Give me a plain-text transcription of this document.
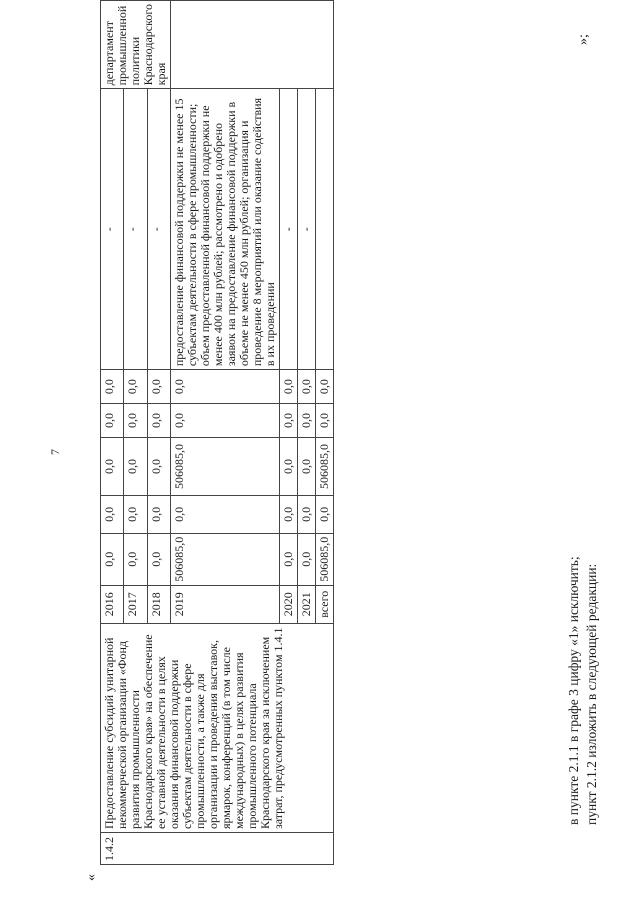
7
«
1.4.2	Предоставление субсидий унитарной некоммерческой организации «Фонд развития промышленности Краснодарского края» на обеспечение ее уставной деятельности в целях оказания финансовой поддержки субъектам деятельности в сфере промышленности, а также для организации и проведения выставок, ярмарок, конференций (в том числе международных) в целях развития промышленного потенциала Краснодарского края за исключением затрат, предусмотренных пунктом 1.4.1	2016	0,0	0,0	0,0	0,0	0,0	-	департамент промышленной политики Краснодарского края
		2017	0,0	0,0	0,0	0,0	0,0	-	
		2018	0,0	0,0	0,0	0,0	0,0	-	
		2019	506085,0	0,0	506085,0	0,0	0,0	предоставление финансовой поддержки не менее 15 субъектам деятельности в сфере промышленности; объем предоставленной финансовой поддержки не менее 400 млн рублей; рассмотрено и одобрено заявок на предоставление финансовой поддержки в объеме не менее 450 млн рублей; организация и проведение 8 мероприятий или оказание содействия в их проведении	
		2020	0,0	0,0	0,0	0,0	0,0	-	
		2021	0,0	0,0	0,0	0,0	0,0	-	
		всего	506085,0	0,0	506085,0	0,0	0,0		
»;
в пункте 2.1.1 в графе 3 цифру «1» исключить; пункт 2.1.2 изложить в следующей редакции:
